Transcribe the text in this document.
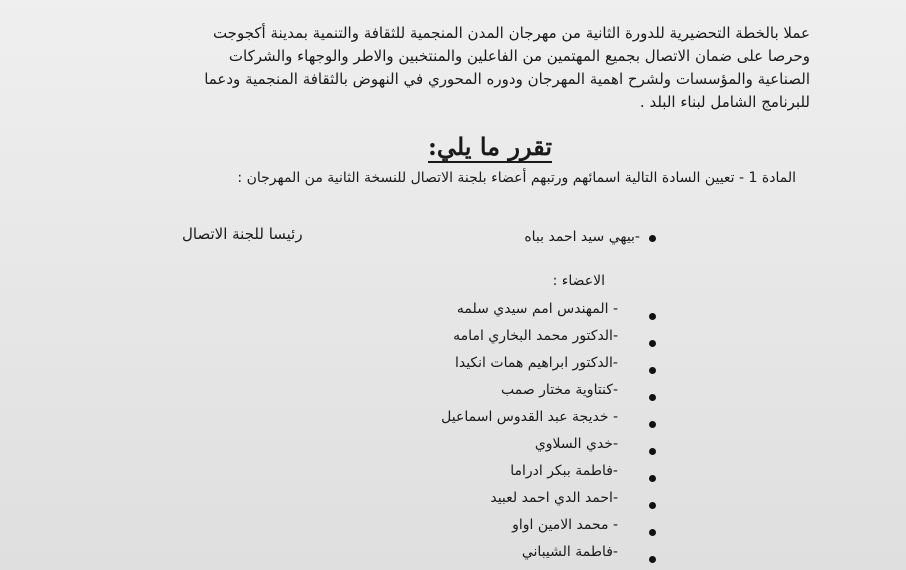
عملا بالخطة التحضيرية للدورة الثانية من مهرجان المدن المنجمية للثقافة والتنمية بمدينة أكجوجت
وحرصا على ضمان الاتصال بجميع المهتمين من الفاعلين والمنتخبين والاطر والوجهاء والشركات
الصناعية والمؤسسات ولشرح اهمية المهرجان ودوره المحوري في النهوض بالثقافة المنجمية ودعما
للبرنامج الشامل لبناء البلد .
تقرر ما يلي:
المادة 1 - تعيين السادة التالية اسمائهم ورتبهم أعضاء بلجنة الاتصال للنسخة الثانية من المهرجان :
-بيهي سيد احمد بباه
رئيسا للجنة الاتصال
الاعضاء :
- المهندس امم سيدي سلمه
-الدكتور محمد البخاري امامه
-الدكتور ابراهيم همات انكيدا
-كنتاوية مختار صمب
- خديجة عبد القدوس اسماعيل
-خدي السلاوي
-فاطمة ببكر ادراما
-احمد الدي احمد لعبيد
- محمد الامين اواو
-فاطمة الشيباني
